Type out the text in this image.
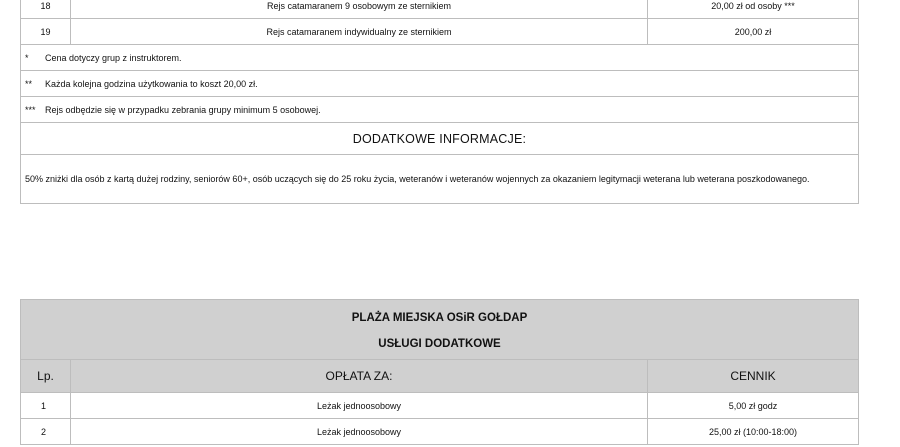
18	Rejs catamaranem 9 osobowym ze sternikiem	20,00 zł od osoby ***
19	Rejs catamaranem indywidualny ze sternikiem	200,00 zł
* Cena dotyczy grup z instruktorem.		
** Każda kolejna godzina użytkowania to koszt 20,00 zł.		
*** Rejs odbędzie się w przypadku zebrania grupy minimum 5 osobowej.		
DODATKOWE INFORMACJE:		
50% zniżki dla osób z kartą dużej rodziny, seniorów 60+, osób uczących się do 25 roku życia, weteranów i weteranów wojennych za okazaniem legitymacji weterana lub weterana poszkodowanego.		
PLAŻA MIEJSKA OSiR GOŁDAP
USŁUGI DODATKOWE		

Lp.	OPŁATA ZA:	CENNIK
1	Leżak jednoosobowy	5,00 zł godz
2	Leżak jednoosobowy	25,00 zł (10:00-18:00)
